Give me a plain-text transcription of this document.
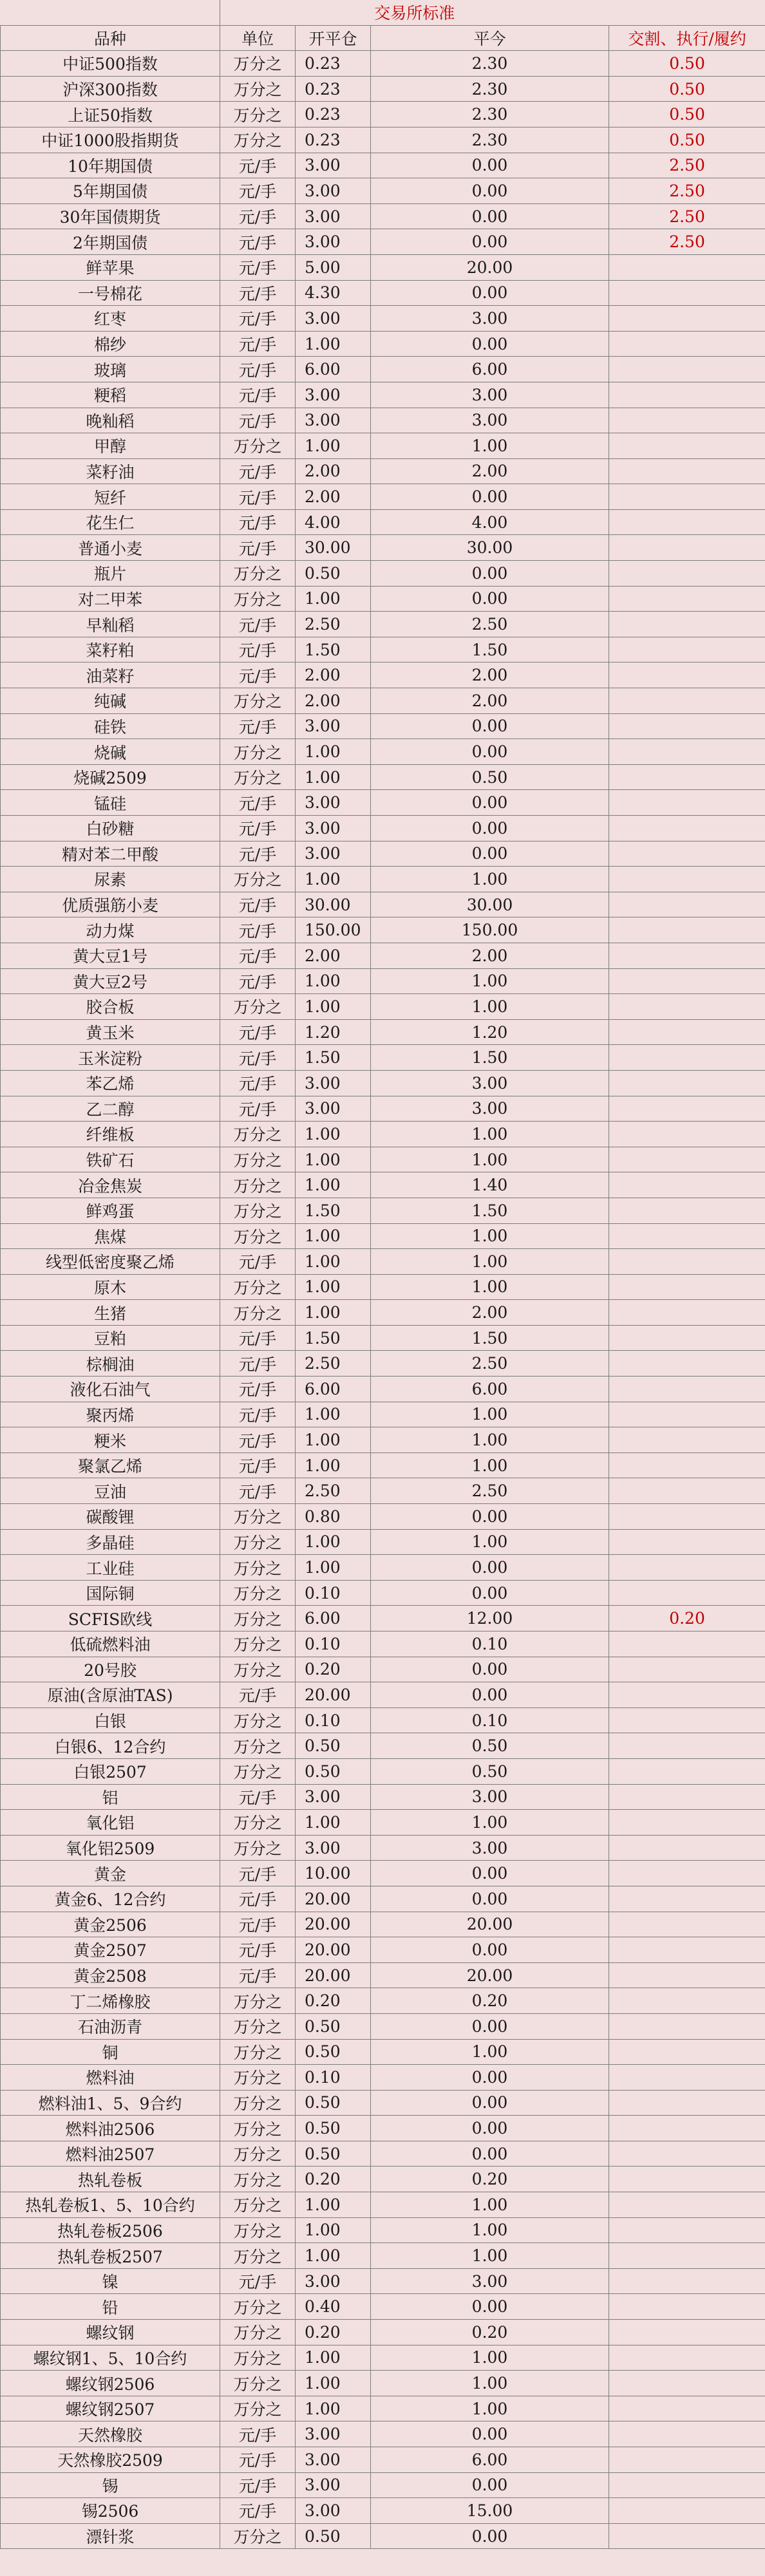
	交易所标准			
品种	单位	开平仓	平今	交割、执行/履约
中证500指数	万分之	0.23	2.30	0.50
沪深300指数	万分之	0.23	2.30	0.50
上证50指数	万分之	0.23	2.30	0.50
中证1000股指期货	万分之	0.23	2.30	0.50
10年期国债	元/手	3.00	0.00	2.50
5年期国债	元/手	3.00	0.00	2.50
30年国债期货	元/手	3.00	0.00	2.50
2年期国债	元/手	3.00	0.00	2.50
鲜苹果	元/手	5.00	20.00	
一号棉花	元/手	4.30	0.00	
红枣	元/手	3.00	3.00	
棉纱	元/手	1.00	0.00	
玻璃	元/手	6.00	6.00	
粳稻	元/手	3.00	3.00	
晚籼稻	元/手	3.00	3.00	
甲醇	万分之	1.00	1.00	
菜籽油	元/手	2.00	2.00	
短纤	元/手	2.00	0.00	
花生仁	元/手	4.00	4.00	
普通小麦	元/手	30.00	30.00	
瓶片	万分之	0.50	0.00	
对二甲苯	万分之	1.00	0.00	
早籼稻	元/手	2.50	2.50	
菜籽粕	元/手	1.50	1.50	
油菜籽	元/手	2.00	2.00	
纯碱	万分之	2.00	2.00	
硅铁	元/手	3.00	0.00	
烧碱	万分之	1.00	0.00	
烧碱2509	万分之	1.00	0.50	
锰硅	元/手	3.00	0.00	
白砂糖	元/手	3.00	0.00	
精对苯二甲酸	元/手	3.00	0.00	
尿素	万分之	1.00	1.00	
优质强筋小麦	元/手	30.00	30.00	
动力煤	元/手	150.00	150.00	
黄大豆1号	元/手	2.00	2.00	
黄大豆2号	元/手	1.00	1.00	
胶合板	万分之	1.00	1.00	
黄玉米	元/手	1.20	1.20	
玉米淀粉	元/手	1.50	1.50	
苯乙烯	元/手	3.00	3.00	
乙二醇	元/手	3.00	3.00	
纤维板	万分之	1.00	1.00	
铁矿石	万分之	1.00	1.00	
冶金焦炭	万分之	1.00	1.40	
鲜鸡蛋	万分之	1.50	1.50	
焦煤	万分之	1.00	1.00	
线型低密度聚乙烯	元/手	1.00	1.00	
原木	万分之	1.00	1.00	
生猪	万分之	1.00	2.00	
豆粕	元/手	1.50	1.50	
棕榈油	元/手	2.50	2.50	
液化石油气	元/手	6.00	6.00	
聚丙烯	元/手	1.00	1.00	
粳米	元/手	1.00	1.00	
聚氯乙烯	元/手	1.00	1.00	
豆油	元/手	2.50	2.50	
碳酸锂	万分之	0.80	0.00	
多晶硅	万分之	1.00	1.00	
工业硅	万分之	1.00	0.00	
国际铜	万分之	0.10	0.00	
SCFIS欧线	万分之	6.00	12.00	0.20
低硫燃料油	万分之	0.10	0.10	
20号胶	万分之	0.20	0.00	
原油(含原油TAS)	元/手	20.00	0.00	
白银	万分之	0.10	0.10	
白银6、12合约	万分之	0.50	0.50	
白银2507	万分之	0.50	0.50	
铝	元/手	3.00	3.00	
氧化铝	万分之	1.00	1.00	
氧化铝2509	万分之	3.00	3.00	
黄金	元/手	10.00	0.00	
黄金6、12合约	元/手	20.00	0.00	
黄金2506	元/手	20.00	20.00	
黄金2507	元/手	20.00	0.00	
黄金2508	元/手	20.00	20.00	
丁二烯橡胶	万分之	0.20	0.20	
石油沥青	万分之	0.50	0.00	
铜	万分之	0.50	1.00	
燃料油	万分之	0.10	0.00	
燃料油1、5、9合约	万分之	0.50	0.00	
燃料油2506	万分之	0.50	0.00	
燃料油2507	万分之	0.50	0.00	
热轧卷板	万分之	0.20	0.20	
热轧卷板1、5、10合约	万分之	1.00	1.00	
热轧卷板2506	万分之	1.00	1.00	
热轧卷板2507	万分之	1.00	1.00	
镍	元/手	3.00	3.00	
铅	万分之	0.40	0.00	
螺纹钢	万分之	0.20	0.20	
螺纹钢1、5、10合约	万分之	1.00	1.00	
螺纹钢2506	万分之	1.00	1.00	
螺纹钢2507	万分之	1.00	1.00	
天然橡胶	元/手	3.00	0.00	
天然橡胶2509	元/手	3.00	6.00	
锡	元/手	3.00	0.00	
锡2506	元/手	3.00	15.00	
漂针浆	万分之	0.50	0.00	
